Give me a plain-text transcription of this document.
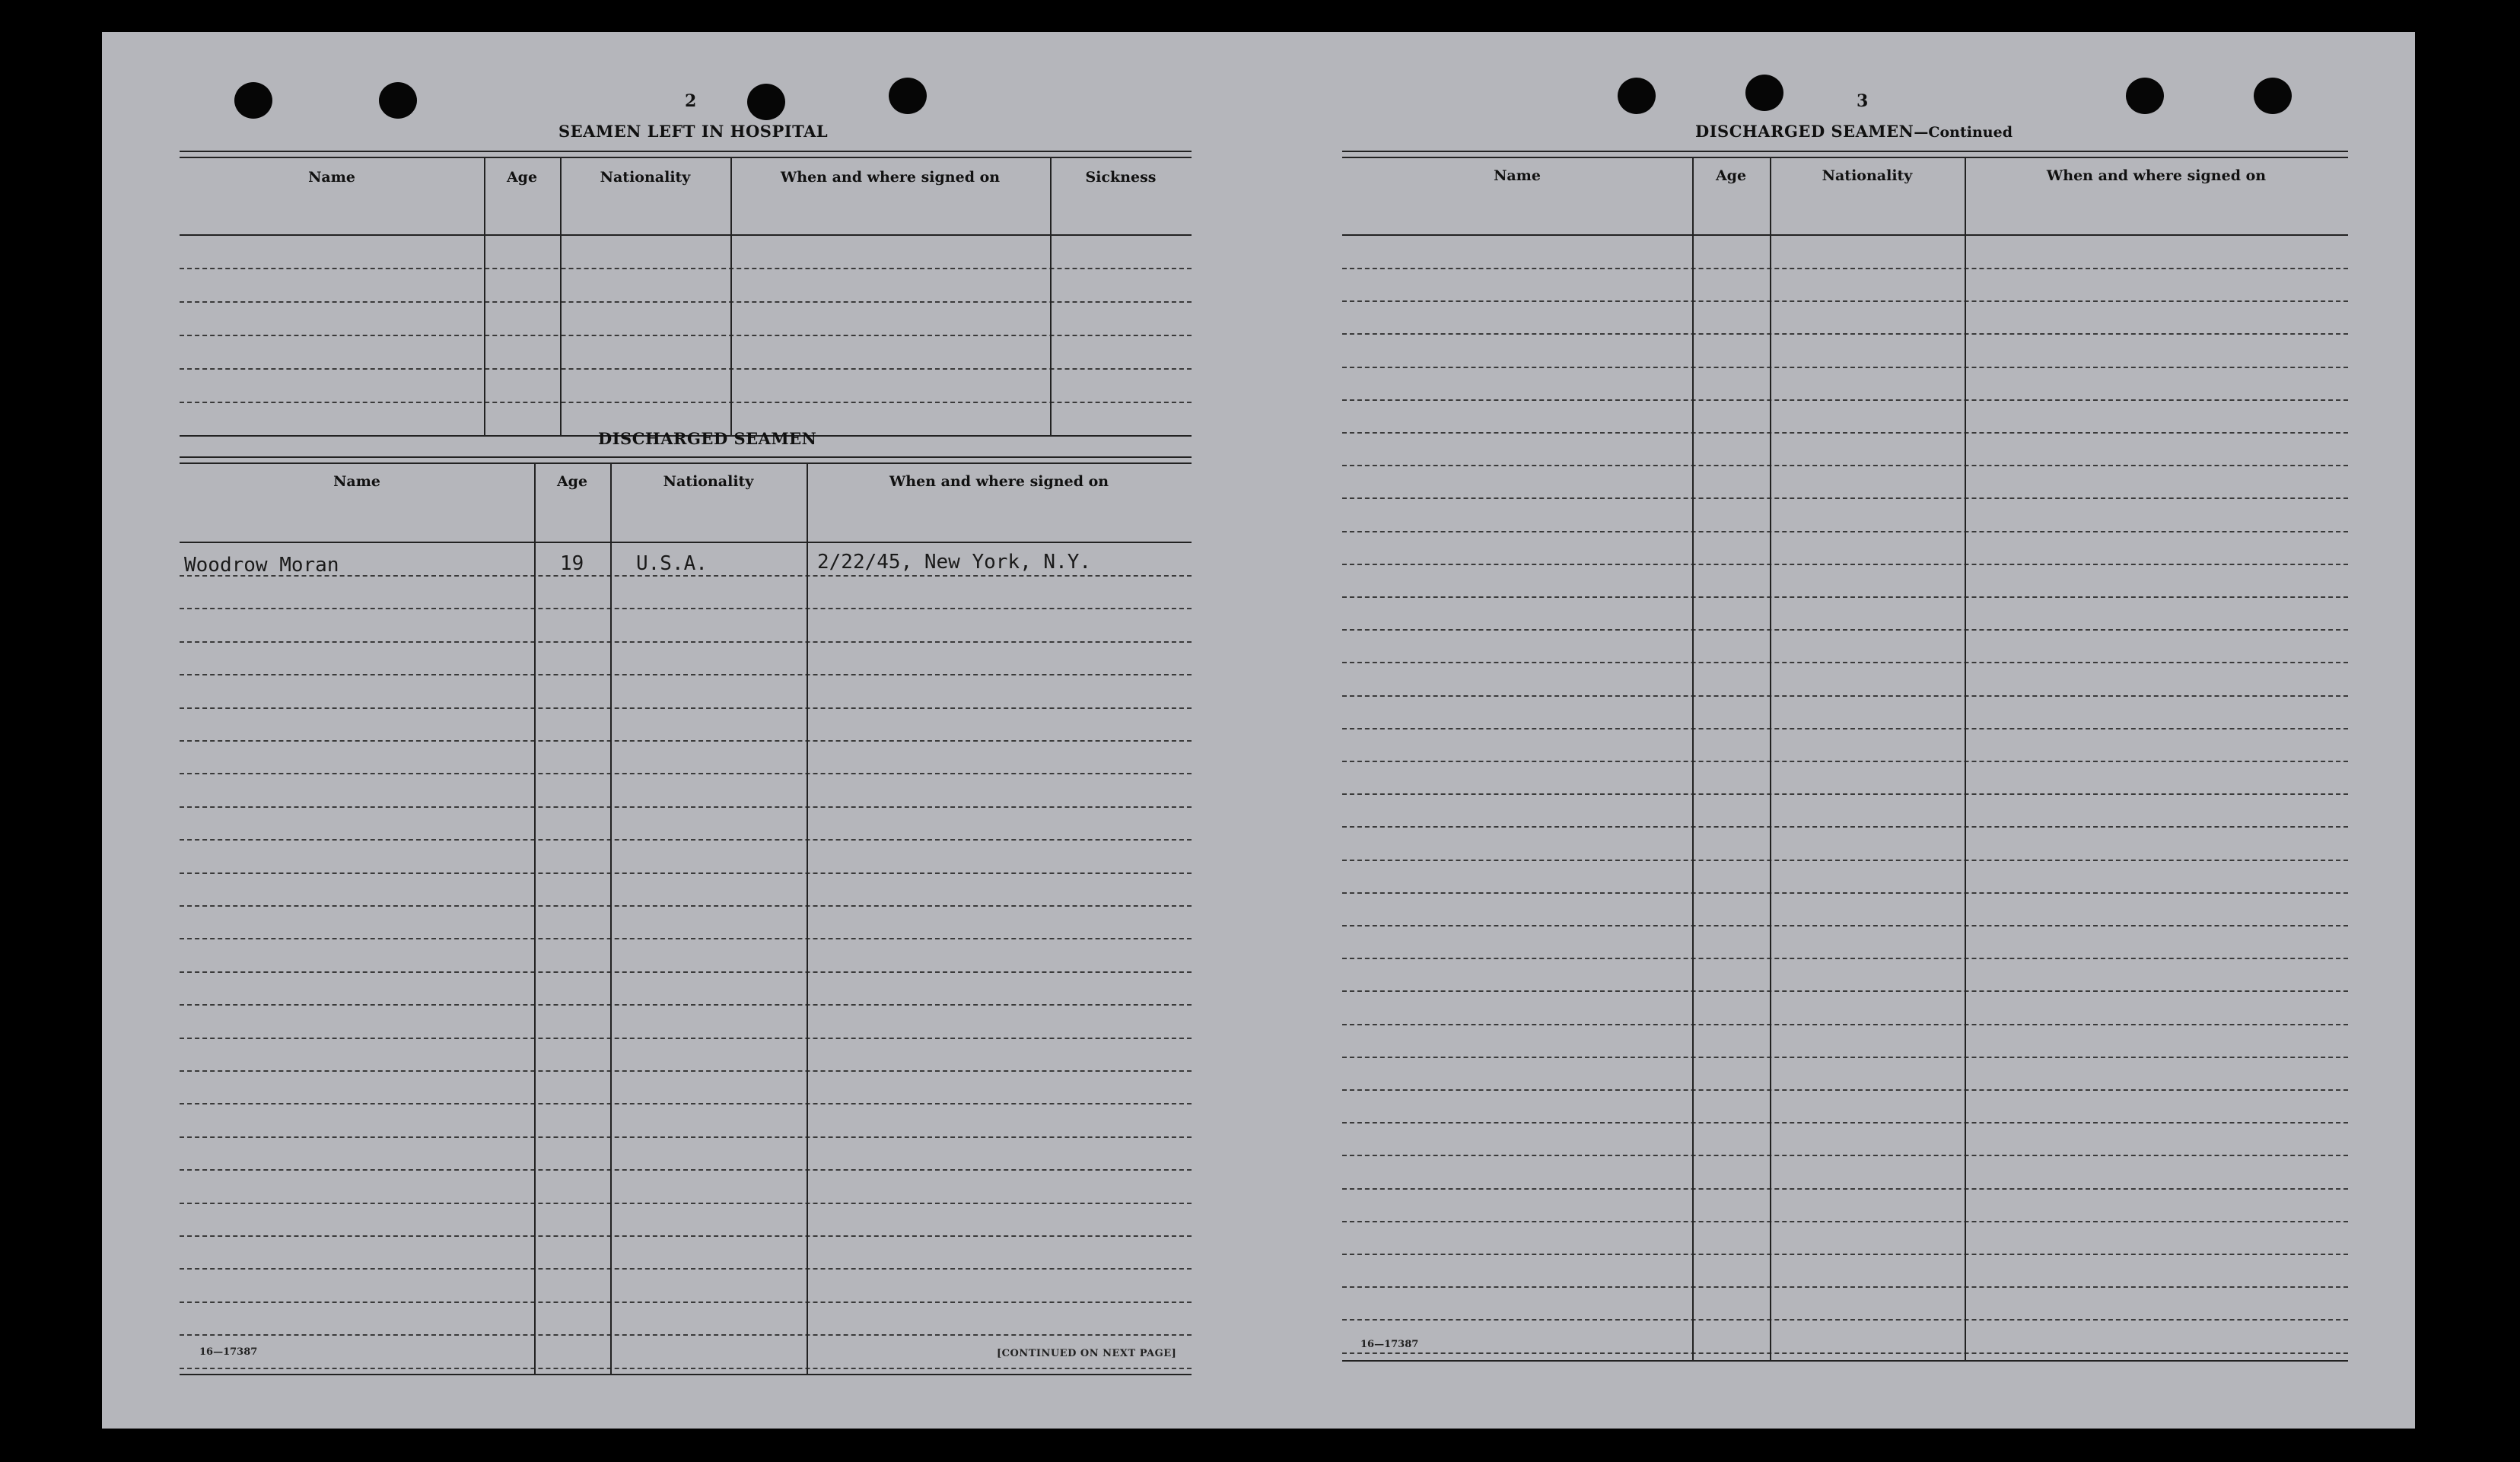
2
SEAMEN LEFT IN HOSPITAL
Name	Age	Nationality	When and where signed on	Sickness
DISCHARGED SEAMEN
Name	Age	Nationality	When and where signed on
Woodrow Moran	19	U.S.A.	2/22/45, New York, N.Y.
16—17387	[CONTINUED ON NEXT PAGE]
3
DISCHARGED SEAMEN—Continued
Name	Age	Nationality	When and where signed on
16—17387
